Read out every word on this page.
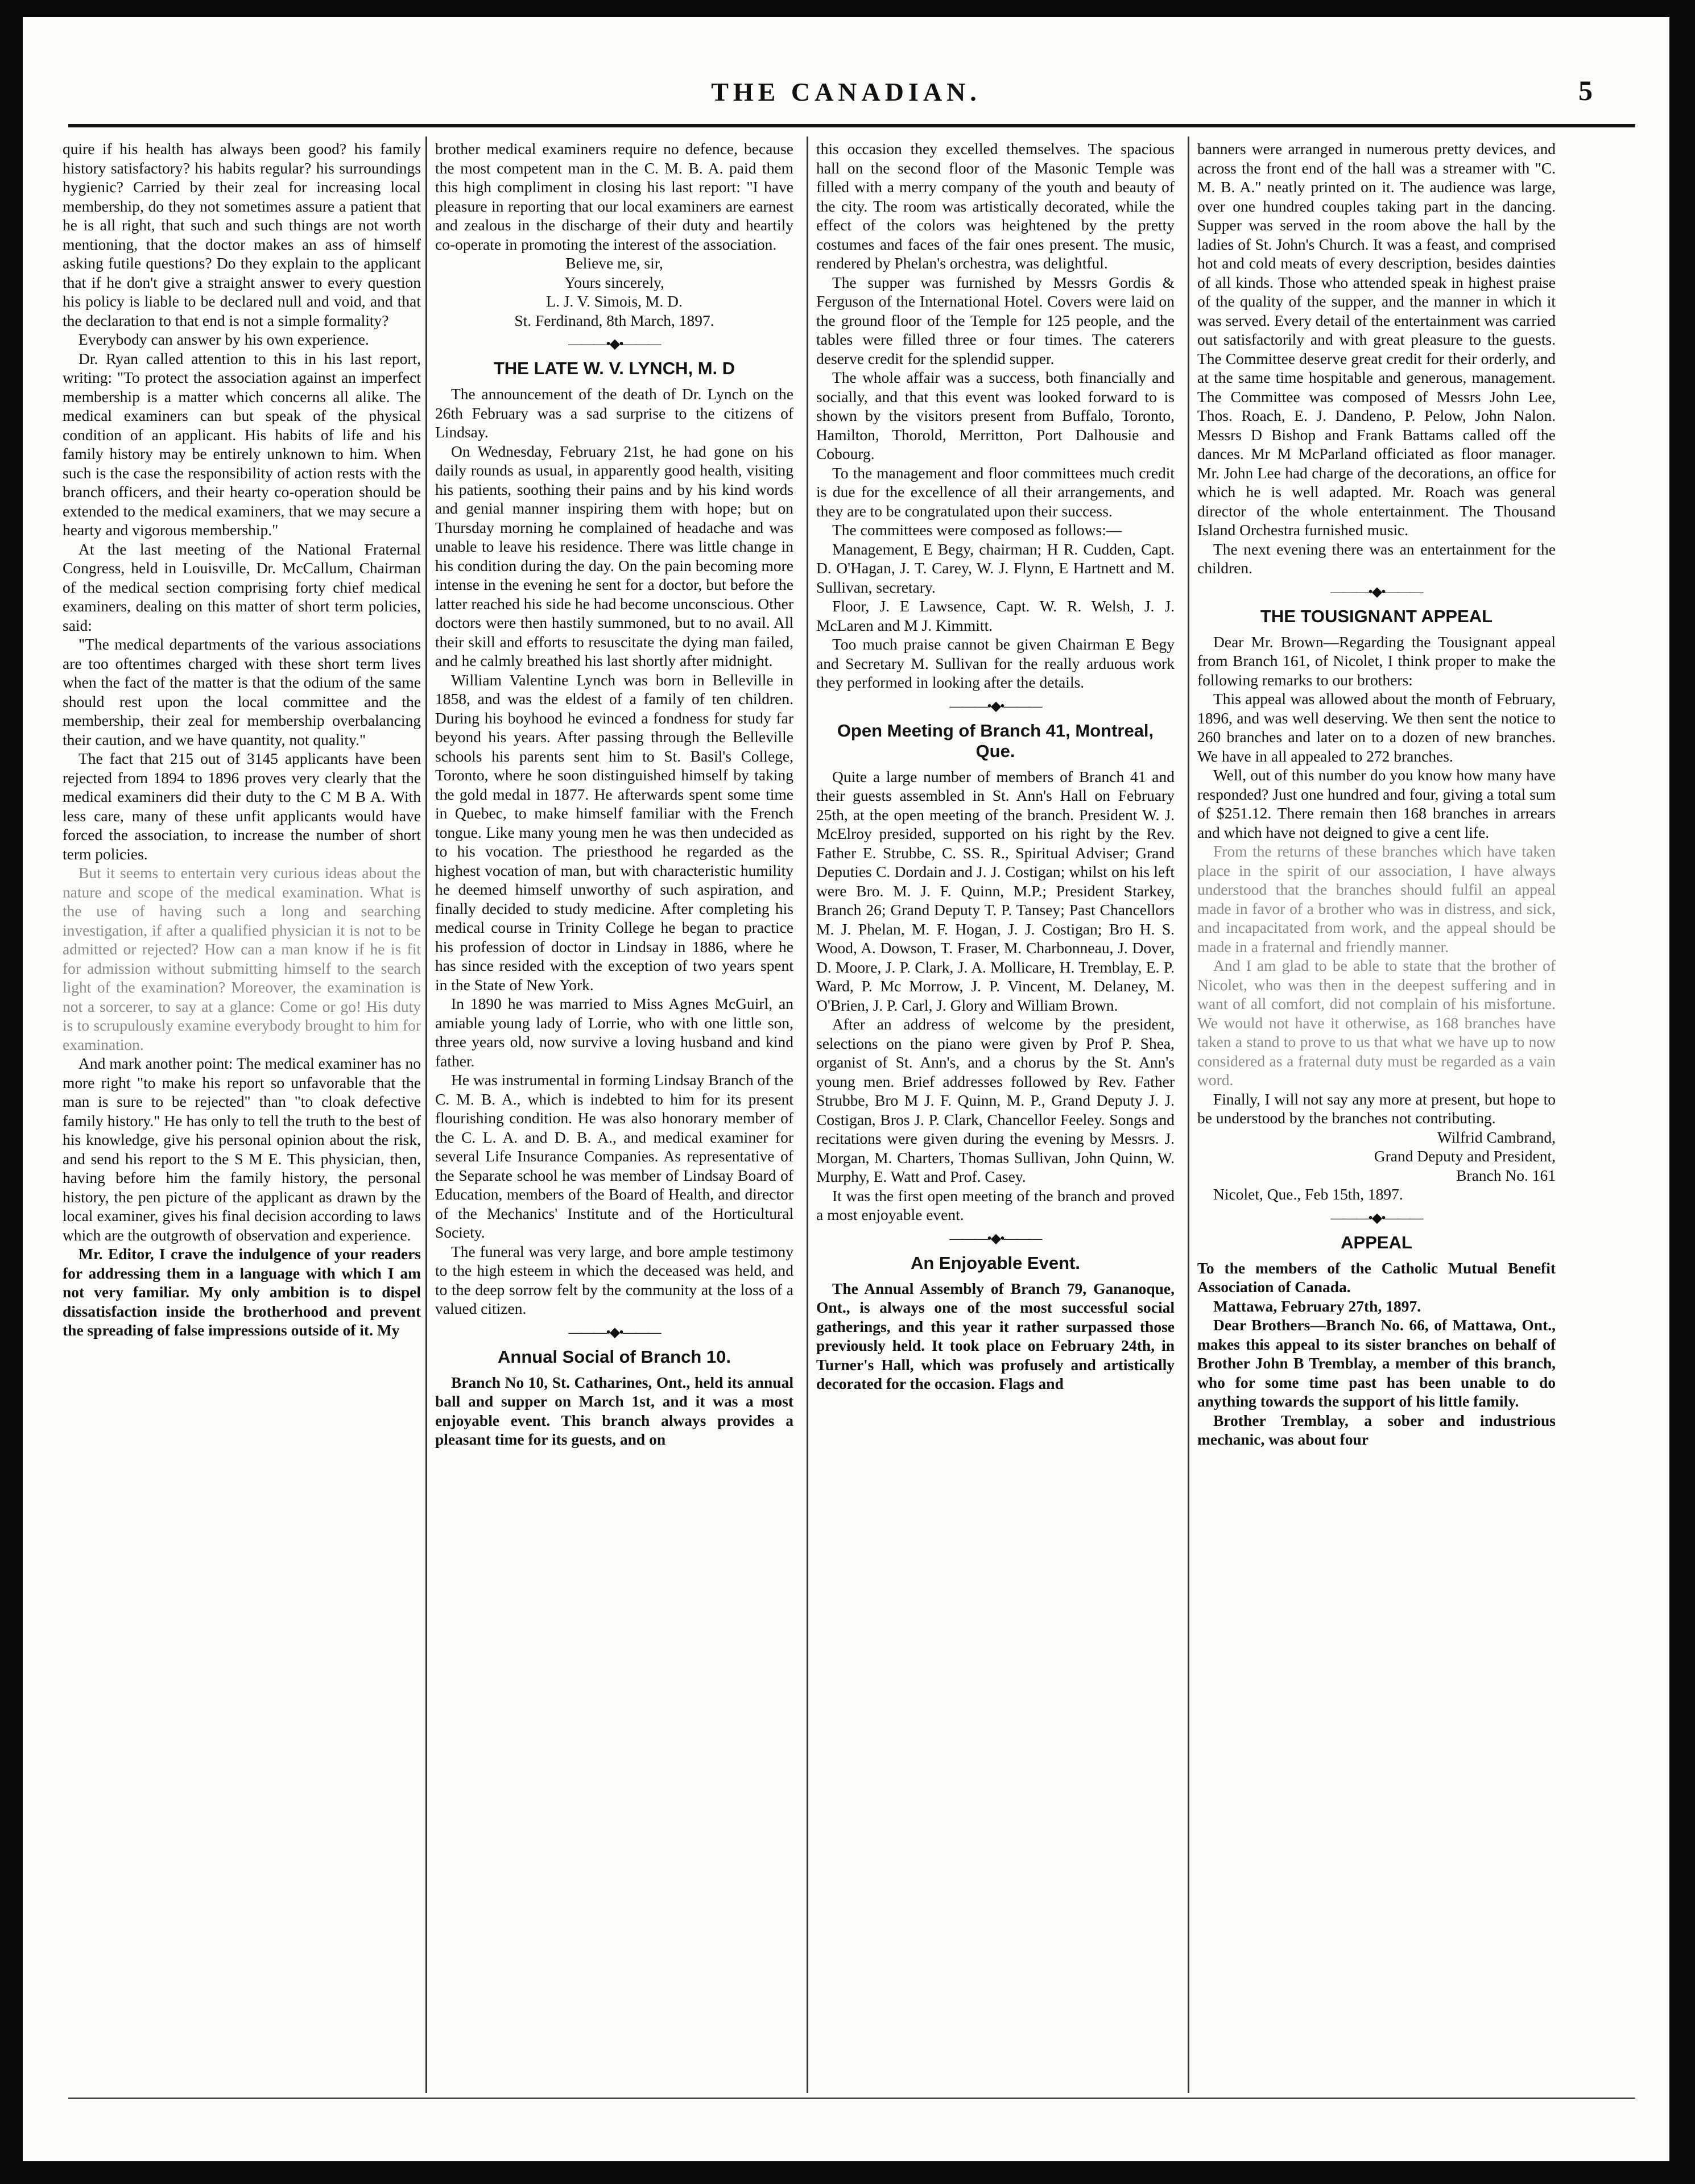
THE CANADIAN.	5

quire if his health has always been good? his family history satisfactory? his habits regular? his surroundings hygienic? Carried by their zeal for increasing local membership, do they not sometimes assure a patient that he is all right, that such and such things are not worth mentioning, that the doctor makes an ass of himself asking futile questions? Do they explain to the applicant that if he don't give a straight answer to every question his policy is liable to be declared null and void, and that the declaration to that end is not a simple formality?

Everybody can answer by his own experience.

Dr. Ryan called attention to this in his last report, writing: "To protect the association against an imperfect membership is a matter which concerns all alike. The medical examiners can but speak of the physical condition of an applicant. His habits of life and his family history may be entirely unknown to him. When such is the case the responsibility of action rests with the branch officers, and their hearty co-operation should be extended to the medical examiners, that we may secure a hearty and vigorous membership."

At the last meeting of the National Fraternal Congress, held in Louisville, Dr. McCallum, Chairman of the medical section comprising forty chief medical examiners, dealing on this matter of short term policies, said:

"The medical departments of the various associations are too oftentimes charged with these short term lives when the fact of the matter is that the odium of the same should rest upon the local committee and the membership, their zeal for membership overbalancing their caution, and we have quantity, not quality."

The fact that 215 out of 3145 applicants have been rejected from 1894 to 1896 proves very clearly that the medical examiners did their duty to the C M B A. With less care, many of these unfit applicants would have forced the association, to increase the number of short term policies.

But it seems to entertain very curious ideas about the nature and scope of the medical examination. What is the use of having such a long and searching investigation, if after a qualified physician it is not to be admitted or rejected? How can a man know if he is fit for admission without submitting himself to the search light of the examination? Moreover, the examination is not a sorcerer, to say at a glance: Come or go! His duty is to scrupulously examine everybody brought to him for examination.

And mark another point: The medical examiner has no more right "to make his report so unfavorable that the man is sure to be rejected" than "to cloak defective family history." He has only to tell the truth to the best of his knowledge, give his personal opinion about the risk, and send his report to the S M E. This physician, then, having before him the family history, the personal history, the pen picture of the applicant as drawn by the local examiner, gives his final decision according to laws which are the outgrowth of observation and experience.

Mr. Editor, I crave the indulgence of your readers for addressing them in a language with which I am not very familiar. My only ambition is to dispel dissatisfaction inside the brotherhood and prevent the spreading of false impressions outside of it. My

brother medical examiners require no defence, because the most competent man in the C. M. B. A. paid them this high compliment in closing his last report: "I have pleasure in reporting that our local examiners are earnest and zealous in the discharge of their duty and heartily co-operate in promoting the interest of the association.

Believe me, sir,

Yours sincerely,

L. J. V. Simois, M. D.

St. Ferdinand, 8th March, 1897.

———•◆•———
THE LATE W. V. LYNCH, M. D

The announcement of the death of Dr. Lynch on the 26th February was a sad surprise to the citizens of Lindsay.

On Wednesday, February 21st, he had gone on his daily rounds as usual, in apparently good health, visiting his patients, soothing their pains and by his kind words and genial manner inspiring them with hope; but on Thursday morning he complained of headache and was unable to leave his residence. There was little change in his condition during the day. On the pain becoming more intense in the evening he sent for a doctor, but before the latter reached his side he had become unconscious. Other doctors were then hastily summoned, but to no avail. All their skill and efforts to resuscitate the dying man failed, and he calmly breathed his last shortly after midnight.

William Valentine Lynch was born in Belleville in 1858, and was the eldest of a family of ten children. During his boyhood he evinced a fondness for study far beyond his years. After passing through the Belleville schools his parents sent him to St. Basil's College, Toronto, where he soon distinguished himself by taking the gold medal in 1877. He afterwards spent some time in Quebec, to make himself familiar with the French tongue. Like many young men he was then undecided as to his vocation. The priesthood he regarded as the highest vocation of man, but with characteristic humility he deemed himself unworthy of such aspiration, and finally decided to study medicine. After completing his medical course in Trinity College he began to practice his profession of doctor in Lindsay in 1886, where he has since resided with the exception of two years spent in the State of New York.

In 1890 he was married to Miss Agnes McGuirl, an amiable young lady of Lorrie, who with one little son, three years old, now survive a loving husband and kind father.

He was instrumental in forming Lindsay Branch of the C. M. B. A., which is indebted to him for its present flourishing condition. He was also honorary member of the C. L. A. and D. B. A., and medical examiner for several Life Insurance Companies. As representative of the Separate school he was member of Lindsay Board of Education, members of the Board of Health, and director of the Mechanics' Institute and of the Horticultural Society.

The funeral was very large, and bore ample testimony to the high esteem in which the deceased was held, and to the deep sorrow felt by the community at the loss of a valued citizen.

———•◆•———
Annual Social of Branch 10.

Branch No 10, St. Catharines, Ont., held its annual ball and supper on March 1st, and it was a most enjoyable event. This branch always provides a pleasant time for its guests, and on

this occasion they excelled themselves. The spacious hall on the second floor of the Masonic Temple was filled with a merry company of the youth and beauty of the city. The room was artistically decorated, while the effect of the colors was heightened by the pretty costumes and faces of the fair ones present. The music, rendered by Phelan's orchestra, was delightful.

The supper was furnished by Messrs Gordis & Ferguson of the International Hotel. Covers were laid on the ground floor of the Temple for 125 people, and the tables were filled three or four times. The caterers deserve credit for the splendid supper.

The whole affair was a success, both financially and socially, and that this event was looked forward to is shown by the visitors present from Buffalo, Toronto, Hamilton, Thorold, Merritton, Port Dalhousie and Cobourg.

To the management and floor committees much credit is due for the excellence of all their arrangements, and they are to be congratulated upon their success.

The committees were composed as follows:—

Management, E Begy, chairman; H R. Cudden, Capt. D. O'Hagan, J. T. Carey, W. J. Flynn, E Hartnett and M. Sullivan, secretary.

Floor, J. E Lawsence, Capt. W. R. Welsh, J. J. McLaren and M J. Kimmitt.

Too much praise cannot be given Chairman E Begy and Secretary M. Sullivan for the really arduous work they performed in looking after the details.

———•◆•———
Open Meeting of Branch 41, Montreal, Que.

Quite a large number of members of Branch 41 and their guests assembled in St. Ann's Hall on February 25th, at the open meeting of the branch. President W. J. McElroy presided, supported on his right by the Rev. Father E. Strubbe, C. SS. R., Spiritual Adviser; Grand Deputies C. Dordain and J. J. Costigan; whilst on his left were Bro. M. J. F. Quinn, M.P.; President Starkey, Branch 26; Grand Deputy T. P. Tansey; Past Chancellors M. J. Phelan, M. F. Hogan, J. J. Costigan; Bro H. S. Wood, A. Dowson, T. Fraser, M. Charbonneau, J. Dover, D. Moore, J. P. Clark, J. A. Mollicare, H. Tremblay, E. P. Ward, P. Mc Morrow, J. P. Vincent, M. Delaney, M. O'Brien, J. P. Carl, J. Glory and William Brown.

After an address of welcome by the president, selections on the piano were given by Prof P. Shea, organist of St. Ann's, and a chorus by the St. Ann's young men. Brief addresses followed by Rev. Father Strubbe, Bro M J. F. Quinn, M. P., Grand Deputy J. J. Costigan, Bros J. P. Clark, Chancellor Feeley. Songs and recitations were given during the evening by Messrs. J. Morgan, M. Charters, Thomas Sullivan, John Quinn, W. Murphy, E. Watt and Prof. Casey.

It was the first open meeting of the branch and proved a most enjoyable event.

———•◆•———
An Enjoyable Event.

The Annual Assembly of Branch 79, Gananoque, Ont., is always one of the most successful social gatherings, and this year it rather surpassed those previously held. It took place on February 24th, in Turner's Hall, which was profusely and artistically decorated for the occasion. Flags and

banners were arranged in numerous pretty devices, and across the front end of the hall was a streamer with "C. M. B. A." neatly printed on it. The audience was large, over one hundred couples taking part in the dancing. Supper was served in the room above the hall by the ladies of St. John's Church. It was a feast, and comprised hot and cold meats of every description, besides dainties of all kinds. Those who attended speak in highest praise of the quality of the supper, and the manner in which it was served. Every detail of the entertainment was carried out satisfactorily and with great pleasure to the guests. The Committee deserve great credit for their orderly, and at the same time hospitable and generous, management. The Committee was composed of Messrs John Lee, Thos. Roach, E. J. Dandeno, P. Pelow, John Nalon. Messrs D Bishop and Frank Battams called off the dances. Mr M McParland officiated as floor manager. Mr. John Lee had charge of the decorations, an office for which he is well adapted. Mr. Roach was general director of the whole entertainment. The Thousand Island Orchestra furnished music.

The next evening there was an entertainment for the children.

———•◆•———
THE TOUSIGNANT APPEAL

Dear Mr. Brown—Regarding the Tousignant appeal from Branch 161, of Nicolet, I think proper to make the following remarks to our brothers:

This appeal was allowed about the month of February, 1896, and was well deserving. We then sent the notice to 260 branches and later on to a dozen of new branches. We have in all appealed to 272 branches.

Well, out of this number do you know how many have responded? Just one hundred and four, giving a total sum of $251.12. There remain then 168 branches in arrears and which have not deigned to give a cent life.

From the returns of these branches which have taken place in the spirit of our association, I have always understood that the branches should fulfil an appeal made in favor of a brother who was in distress, and sick, and incapacitated from work, and the appeal should be made in a fraternal and friendly manner.

And I am glad to be able to state that the brother of Nicolet, who was then in the deepest suffering and in want of all comfort, did not complain of his misfortune. We would not have it otherwise, as 168 branches have taken a stand to prove to us that what we have up to now considered as a fraternal duty must be regarded as a vain word.

Finally, I will not say any more at present, but hope to be understood by the branches not contributing.

Wilfrid Cambrand,

Grand Deputy and President,

Branch No. 161

Nicolet, Que., Feb 15th, 1897.

———•◆•———
APPEAL

To the members of the Catholic Mutual Benefit Association of Canada.

Mattawa, February 27th, 1897.

Dear Brothers—Branch No. 66, of Mattawa, Ont., makes this appeal to its sister branches on behalf of Brother John B Tremblay, a member of this branch, who for some time past has been unable to do anything towards the support of his little family.

Brother Tremblay, a sober and industrious mechanic, was about four
